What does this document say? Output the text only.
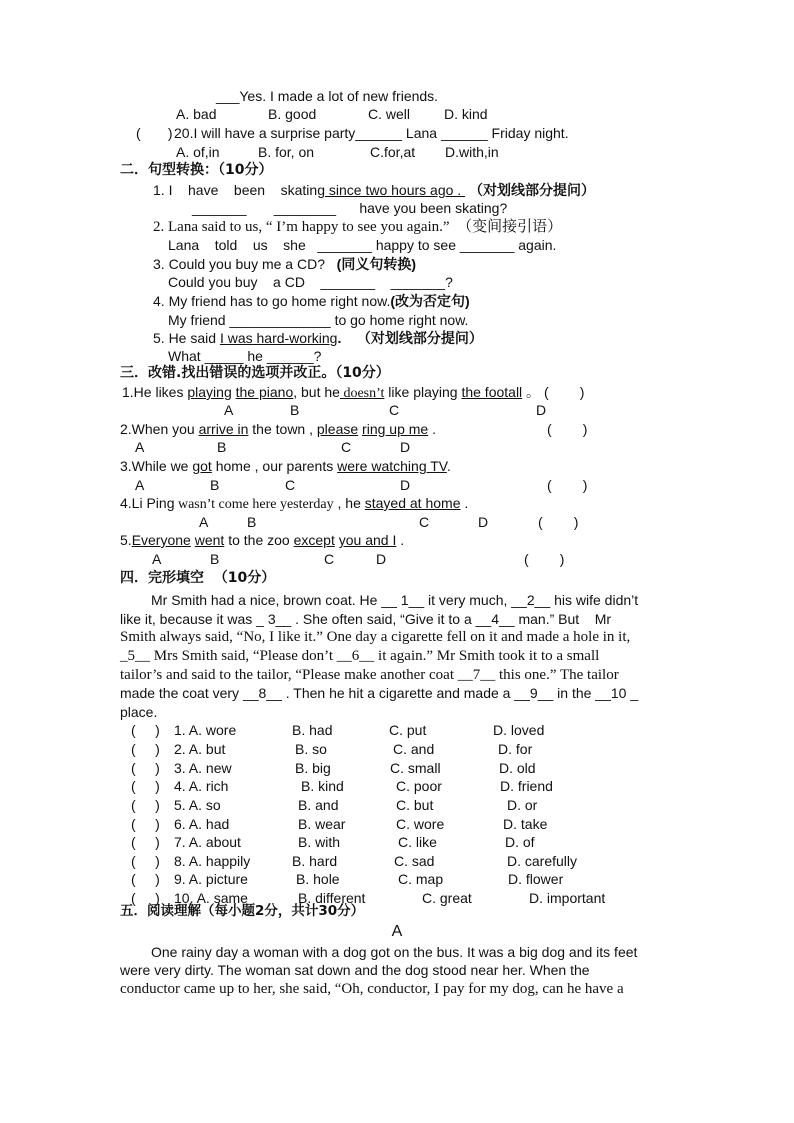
___Yes. I made a lot of new friends.
A. bad	B. good	C. well D. kind
(       ) 20.I will have a surprise party______ Lana ______ Friday night.
A. of,in	B. for, on	C.for,at D.with,in
二．句型转换：（10分）
1. I    have    been    skating since two hours ago .  （对划线部分提问）
_______       ________      have you been skating?
2. Lana said to us, “ I’m happy to see you again.”  （变间接引语）
Lana    told    us    she   _______ happy to see _______ again.
3. Could you buy me a CD?   (同义句转换)
Could you buy    a CD    _______    _______?
4. My friend has to go home right now.(改为否定句)
My friend _____________ to go home right now.
5. He said I was hard-working.    （对划线部分提问）
What _____ he ______?
三．改错.找出错误的选项并改正。（10分）
1.He likes playing the piano, but he doesn’t like playing the footall 。 (        )
A	B	C	D
2.When you arrive in the town , please ring up me .	(        )
A	B	C	D
3.While we got home , our parents were watching TV.
(        )
A	B	C	D
4.Li Ping wasn’t come here yesterday , he stayed at home .
(        )
A	B	C	D
5.Everyone went to the zoo except you and I .
(        )
A	B	C	D
四．完形填空  （10分）
Mr Smith had a nice, brown coat. He __ 1__ it very much, __2__ his wife didn’t
like it, because it was _ 3__ . She often said, “Give it to a __4__ man.” But    Mr
Smith always said, “No, I like it.” One day a cigarette fell on it and made a hole in it,
_5__ Mrs Smith said, “Please don’t __6__ it again.” Mr Smith took it to a small
tailor’s and said to the tailor, “Please make another coat __7__ this one.” The tailor
made the coat very __8__ . Then he hit a cigarette and made a __9__ in the __10 _
place.
(     ) 1. A. wore	B. had	C. put	D. loved
(     ) 2. A. but	B. so	C. and	D. for
(     ) 3. A. new	B. big	C. small	D. old
(     ) 4. A. rich	B. kind	C. poor	D. friend
(     ) 5. A. so	B. and	C. but	D. or
(     ) 6. A. had	B. wear	C. wore	D. take
(     ) 7. A. about	B. with	C. like	D. of
(     ) 8. A. happily	B. hard	C. sad	D. carefully
(     ) 9. A. picture	B. hole	C. map	D. flower
(     ) 10. A. same	B. different	C. great	D. important
五．阅读理解（每小题2分，共计30分）
A
One rainy day a woman with a dog got on the bus. It was a big dog and its feet
were very dirty. The woman sat down and the dog stood near her. When the
conductor came up to her, she said, “Oh, conductor, I pay for my dog, can he have a
